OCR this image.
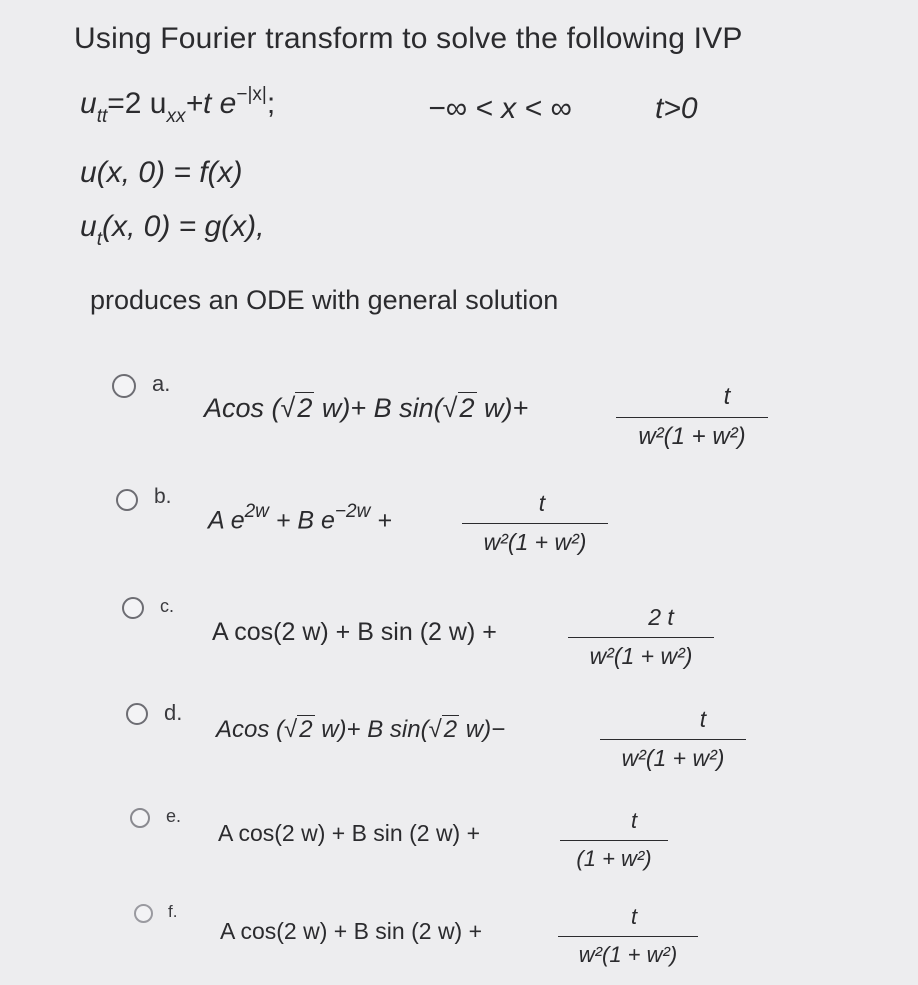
Using Fourier transform to solve the following IVP
$u_{tt}=2$ $u_{xx}+t$ $e^{-|x|}$;	−∞ < x < ∞	t>0
u(x, 0) = f(x)
$u_t(x$, 0) = g(x),
produces an ODE with general solution
a.
Acos (√2 w)+ B sin(√2 w)+	t
w²(1 + w²)
b.
A $e^{2w} + B$ $e^{-2w}$ +
t
w²(1 + w²)
c.
A cos(2 w) + B sin (2 w) +
2 t
w²(1 + w²)
d.
Acos (√2 w)+ B sin(√2 w)−	t
w²(1 + w²)
e.
A cos(2 w) + B sin (2 w) +	t
(1 + w²)
f.
A cos(2 w) + B sin (2 w) +
t
w²(1 + w²)
